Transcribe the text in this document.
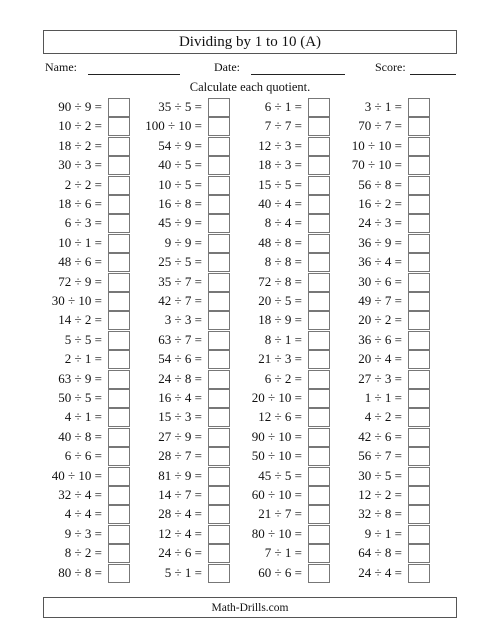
Dividing by 1 to 10 (A)
Name:	Date:	Score:
Calculate each quotient.
90 ÷ 9 =	35 ÷ 5 =	6 ÷ 1 =	3 ÷ 1 =
10 ÷ 2 =	100 ÷ 10 =	7 ÷ 7 =	70 ÷ 7 =
18 ÷ 2 =	54 ÷ 9 =	12 ÷ 3 =	10 ÷ 10 =
30 ÷ 3 =	40 ÷ 5 =	18 ÷ 3 =	70 ÷ 10 =
2 ÷ 2 =	10 ÷ 5 =	15 ÷ 5 =	56 ÷ 8 =
18 ÷ 6 =	16 ÷ 8 =	40 ÷ 4 =	16 ÷ 2 =
6 ÷ 3 =	45 ÷ 9 =	8 ÷ 4 =	24 ÷ 3 =
10 ÷ 1 =	9 ÷ 9 =	48 ÷ 8 =	36 ÷ 9 =
48 ÷ 6 =	25 ÷ 5 =	8 ÷ 8 =	36 ÷ 4 =
72 ÷ 9 =	35 ÷ 7 =	72 ÷ 8 =	30 ÷ 6 =
30 ÷ 10 =	42 ÷ 7 =	20 ÷ 5 =	49 ÷ 7 =
14 ÷ 2 =	3 ÷ 3 =	18 ÷ 9 =	20 ÷ 2 =
5 ÷ 5 =	63 ÷ 7 =	8 ÷ 1 =	36 ÷ 6 =
2 ÷ 1 =	54 ÷ 6 =	21 ÷ 3 =	20 ÷ 4 =
63 ÷ 9 =	24 ÷ 8 =	6 ÷ 2 =	27 ÷ 3 =
50 ÷ 5 =	16 ÷ 4 =	20 ÷ 10 =	1 ÷ 1 =
4 ÷ 1 =	15 ÷ 3 =	12 ÷ 6 =	4 ÷ 2 =
40 ÷ 8 =	27 ÷ 9 =	90 ÷ 10 =	42 ÷ 6 =
6 ÷ 6 =	28 ÷ 7 =	50 ÷ 10 =	56 ÷ 7 =
40 ÷ 10 =	81 ÷ 9 =	45 ÷ 5 =	30 ÷ 5 =
32 ÷ 4 =	14 ÷ 7 =	60 ÷ 10 =	12 ÷ 2 =
4 ÷ 4 =	28 ÷ 4 =	21 ÷ 7 =	32 ÷ 8 =
9 ÷ 3 =	12 ÷ 4 =	80 ÷ 10 =	9 ÷ 1 =
8 ÷ 2 =	24 ÷ 6 =	7 ÷ 1 =	64 ÷ 8 =
80 ÷ 8 =	5 ÷ 1 =	60 ÷ 6 =	24 ÷ 4 =
Math-Drills.com
